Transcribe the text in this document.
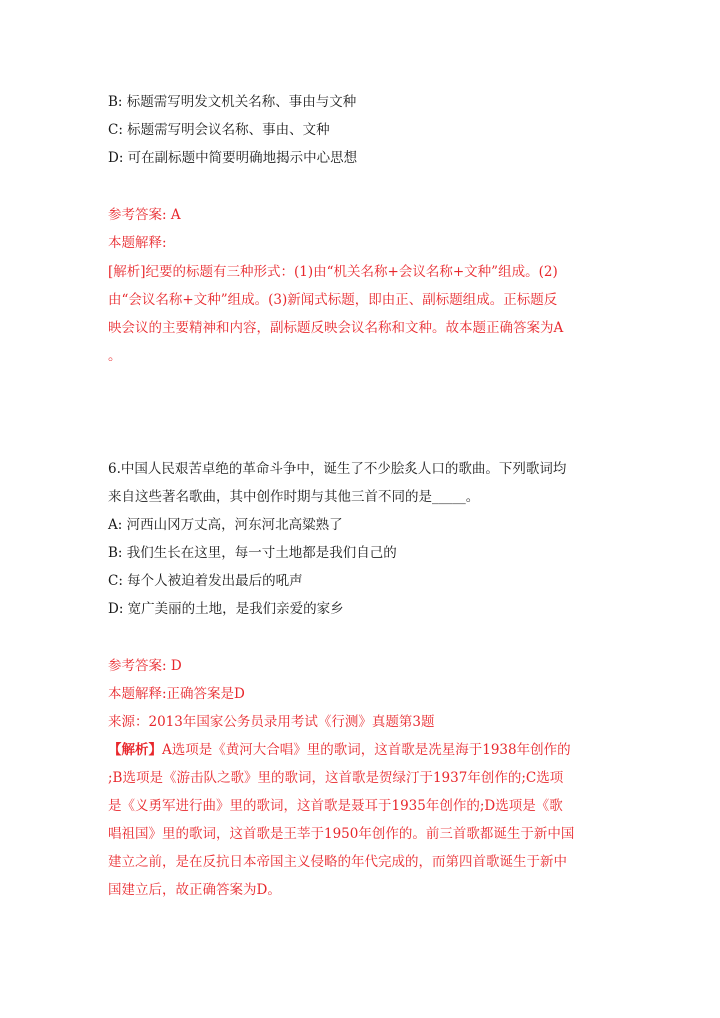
B: 标题需写明发文机关名称、事由与文种
C: 标题需写明会议名称、事由、文种
D: 可在副标题中简要明确地揭示中心思想
参考答案: A
本题解释:
[解析]纪要的标题有三种形式：(1)由“机关名称+会议名称+文种”组成。(2)
由“会议名称+文种”组成。(3)新闻式标题，即由正、副标题组成。正标题反
映会议的主要精神和内容，副标题反映会议名称和文种。故本题正确答案为A
。
6.中国人民艰苦卓绝的革命斗争中，诞生了不少脍炙人口的歌曲。下列歌词均
来自这些著名歌曲，其中创作时期与其他三首不同的是_____。
A: 河西山冈万丈高，河东河北高粱熟了
B: 我们生长在这里，每一寸土地都是我们自己的
C: 每个人被迫着发出最后的吼声
D: 宽广美丽的土地，是我们亲爱的家乡
参考答案: D
本题解释:正确答案是D
来源：2013年国家公务员录用考试《行测》真题第3题
【解析】A选项是《黄河大合唱》里的歌词，这首歌是冼星海于1938年创作的
;B选项是《游击队之歌》里的歌词，这首歌是贺绿汀于1937年创作的;C选项
是《义勇军进行曲》里的歌词，这首歌是聂耳于1935年创作的;D选项是《歌
唱祖国》里的歌词，这首歌是王莘于1950年创作的。前三首歌都诞生于新中国
建立之前，是在反抗日本帝国主义侵略的年代完成的，而第四首歌诞生于新中
国建立后，故正确答案为D。
